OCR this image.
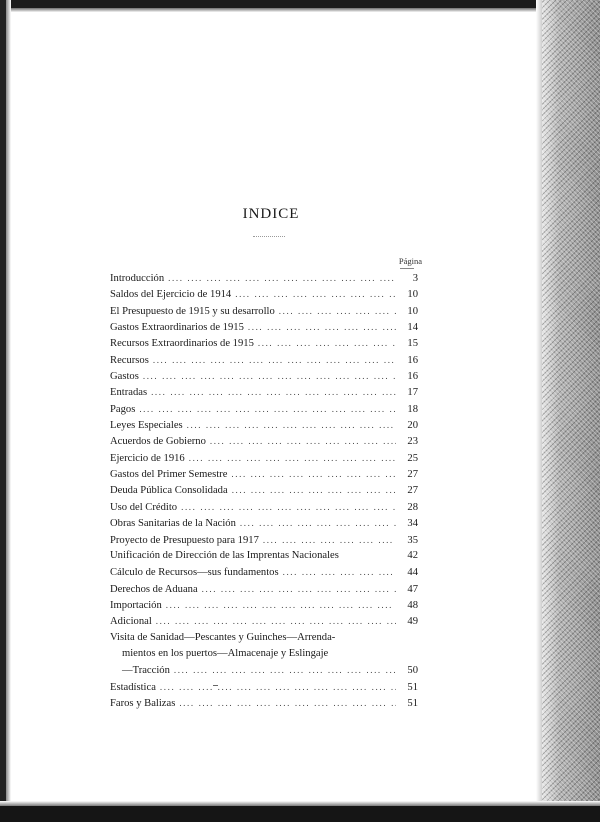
INDICE
Página
Introducción ....	3
Saldos del Ejercicio de 1914 ....	10
El Presupuesto de 1915 y su desarrollo ....	10
Gastos Extraordinarios de 1915 ....	14
Recursos Extraordinarios de 1915 ....	15
Recursos ....	16
Gastos ....	16
Entradas ....	17
Pagos ....	18
Leyes Especiales ....	20
Acuerdos de Gobierno ....	23
Ejercicio de 1916 ....	25
Gastos del Primer Semestre ....	27
Deuda Pública Consolidada ....	27
Uso del Crédito ....	28
Obras Sanitarias de la Nación ....	34
Proyecto de Presupuesto para 1917 ....	35
Unificación de Dirección de las Imprentas Nacionales	42
Cálculo de Recursos—sus fundamentos ....	44
Derechos de Aduana ....	47
Importación ....	48
Adicional ....	49
Visita de Sanidad—Pescantes y Guinches—Arrenda-
mientos en los puertos—Almacenaje y Eslingaje
—Tracción ....	50
Estadística ....	51
Faros y Balizas ....	51
